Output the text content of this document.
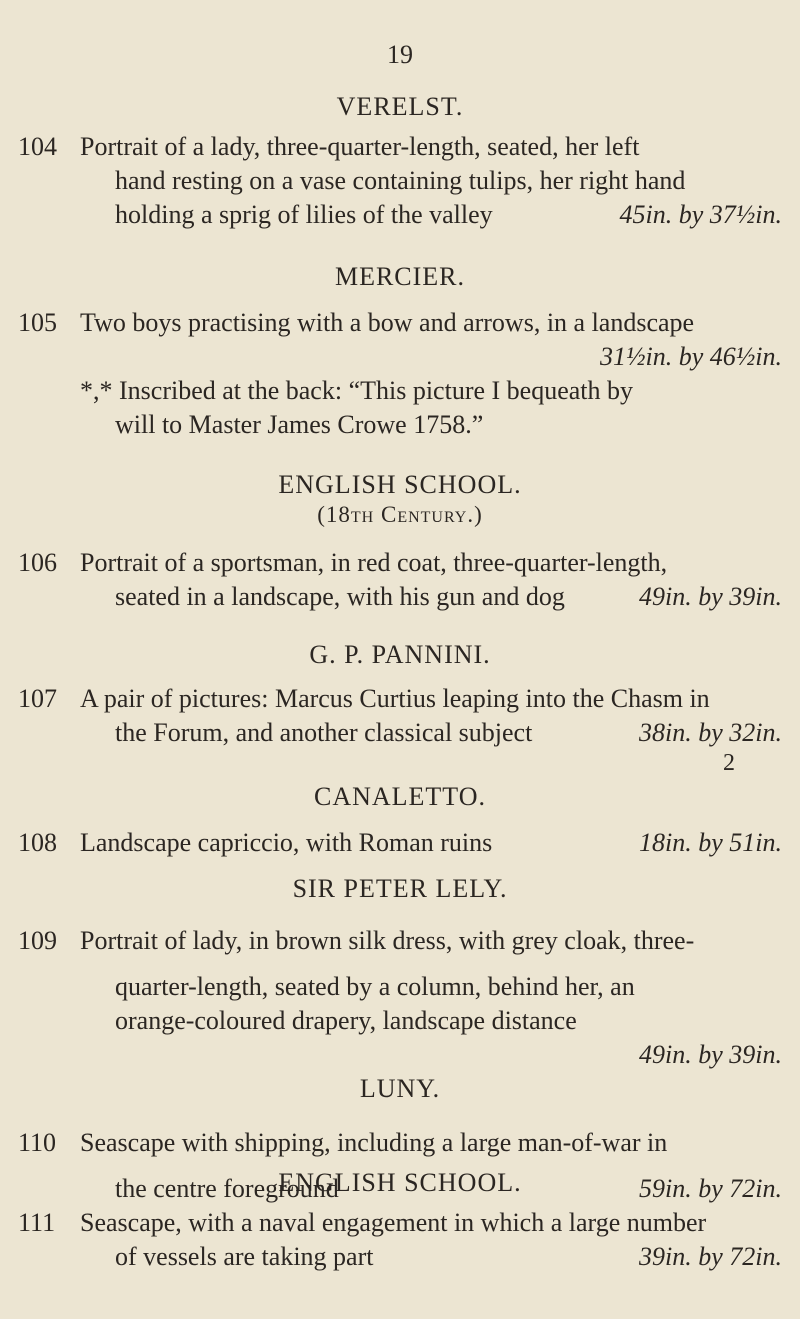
19
VERELST.
104 Portrait of a lady, three-quarter-length, seated, her left
hand resting on a vase containing tulips, her right hand
holding a sprig of lilies of the valley	45in. by 37½in.
MERCIER.
105 Two boys practising with a bow and arrows, in a landscape
31½in. by 46½in.
*,* Inscribed at the back: “This picture I bequeath by
will to Master James Crowe 1758.”
ENGLISH SCHOOL.
(18th Century.)
106 Portrait of a sportsman, in red coat, three-quarter-length,
seated in a landscape, with his gun and dog	49in. by 39in.
G. P. PANNINI.
107 A pair of pictures: Marcus Curtius leaping into the Chasm in
the Forum, and another classical subject	38in. by 32in.
2
CANALETTO.
108 Landscape capriccio, with Roman ruins	18in. by 51in.
SIR PETER LELY.
109 Portrait of lady, in brown silk dress, with grey cloak, three-
quarter-length, seated by a column, behind her, an
orange-coloured drapery, landscape distance
49in. by 39in.
LUNY.
110 Seascape with shipping, including a large man-of-war in
the centre foreground	59in. by 72in.
ENGLISH SCHOOL.
111 Seascape, with a naval engagement in which a large number
of vessels are taking part	39in. by 72in.
